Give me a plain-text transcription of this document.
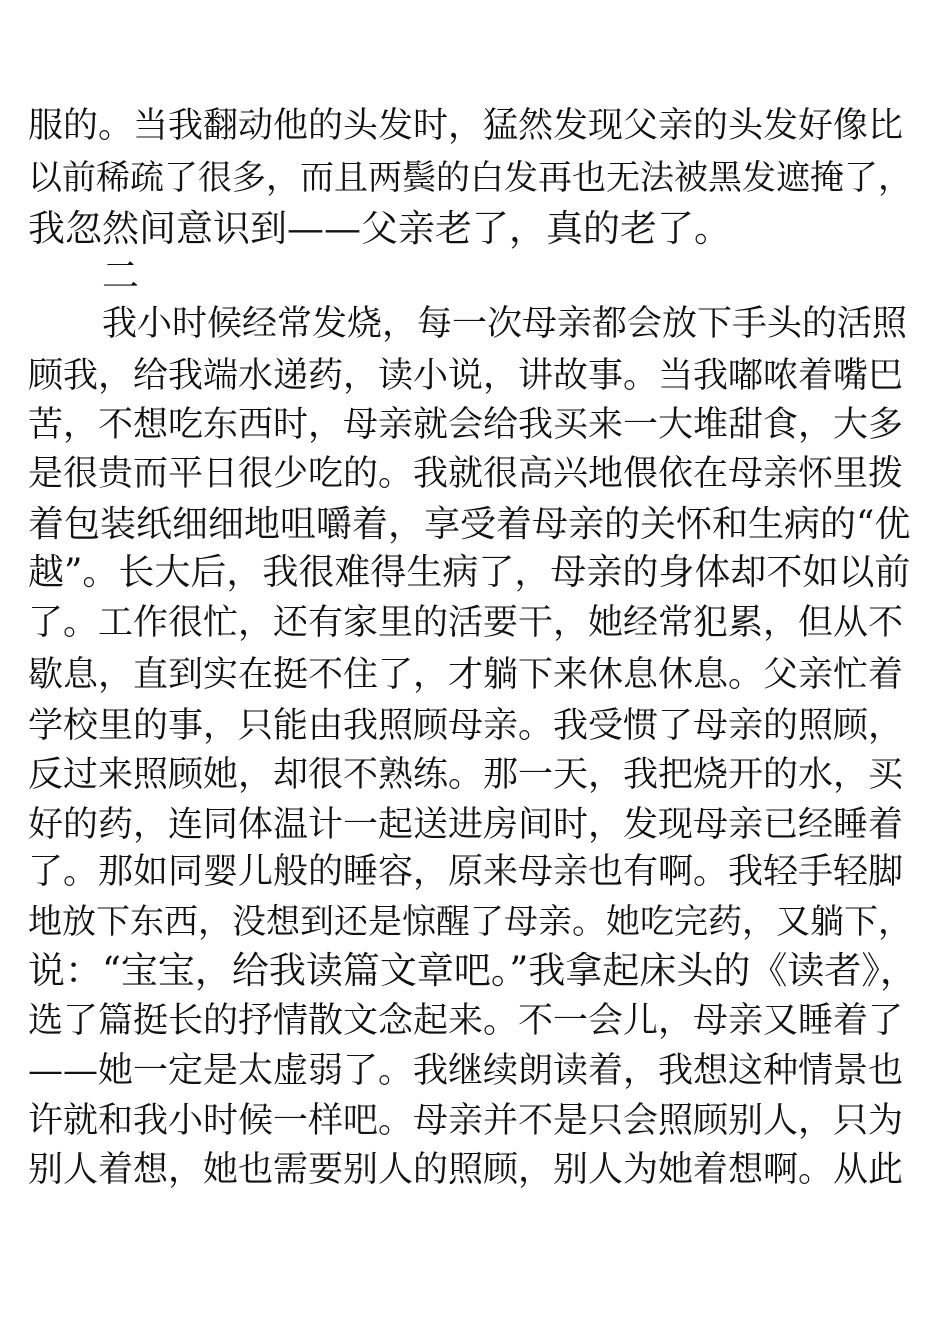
服的。当我翻动他的头发时，猛然发现父亲的头发好像比
以前稀疏了很多，而且两鬓的白发再也无法被黑发遮掩了，
我忽然间意识到——父亲老了，真的老了。
二
我小时候经常发烧，每一次母亲都会放下手头的活照
顾我，给我端水递药，读小说，讲故事。当我嘟哝着嘴巴
苦，不想吃东西时，母亲就会给我买来一大堆甜食，大多
是很贵而平日很少吃的。我就很高兴地偎依在母亲怀里拨
着包装纸细细地咀嚼着，享受着母亲的关怀和生病的“优
越”。长大后，我很难得生病了，母亲的身体却不如以前
了。工作很忙，还有家里的活要干，她经常犯累，但从不
歇息，直到实在挺不住了，才躺下来休息休息。父亲忙着
学校里的事，只能由我照顾母亲。我受惯了母亲的照顾，
反过来照顾她，却很不熟练。那一天，我把烧开的水，买
好的药，连同体温计一起送进房间时，发现母亲已经睡着
了。那如同婴儿般的睡容，原来母亲也有啊。我轻手轻脚
地放下东西，没想到还是惊醒了母亲。她吃完药，又躺下，
说：“宝宝，给我读篇文章吧。”我拿起床头的《读者》，
选了篇挺长的抒情散文念起来。不一会儿，母亲又睡着了
——她一定是太虚弱了。我继续朗读着，我想这种情景也
许就和我小时候一样吧。母亲并不是只会照顾别人，只为
别人着想，她也需要别人的照顾，别人为她着想啊。从此
